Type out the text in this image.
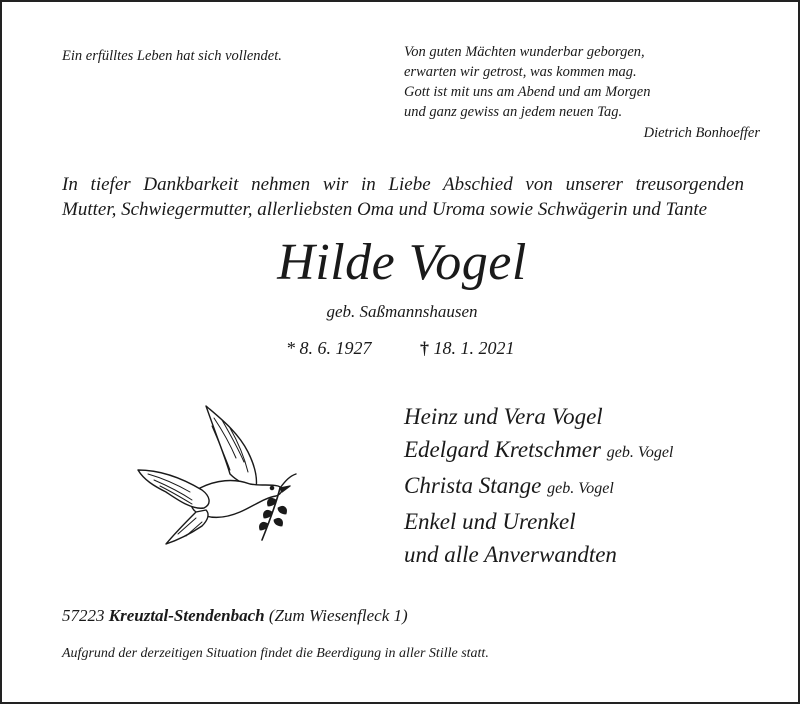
Ein erfülltes Leben hat sich vollendet.	Von guten Mächten wunderbar geborgen,
erwarten wir getrost, was kommen mag.
Gott ist mit uns am Abend und am Morgen
und ganz gewiss an jedem neuen Tag.
Dietrich Bonhoeffer
In tiefer Dankbarkeit nehmen wir in Liebe Abschied von unserer treusorgenden
Mutter, Schwiegermutter, allerliebsten Oma und Uroma sowie Schwägerin und Tante
Hilde Vogel
geb. Saßmannshausen
* 8. 6. 1927	† 18. 1. 2021
Heinz und Vera Vogel
Edelgard Kretschmer geb. Vogel
Christa Stange geb. Vogel
Enkel und Urenkel
und alle Anverwandten
57223 Kreuztal-Stendenbach (Zum Wiesenfleck 1)
Aufgrund der derzeitigen Situation findet die Beerdigung in aller Stille statt.
